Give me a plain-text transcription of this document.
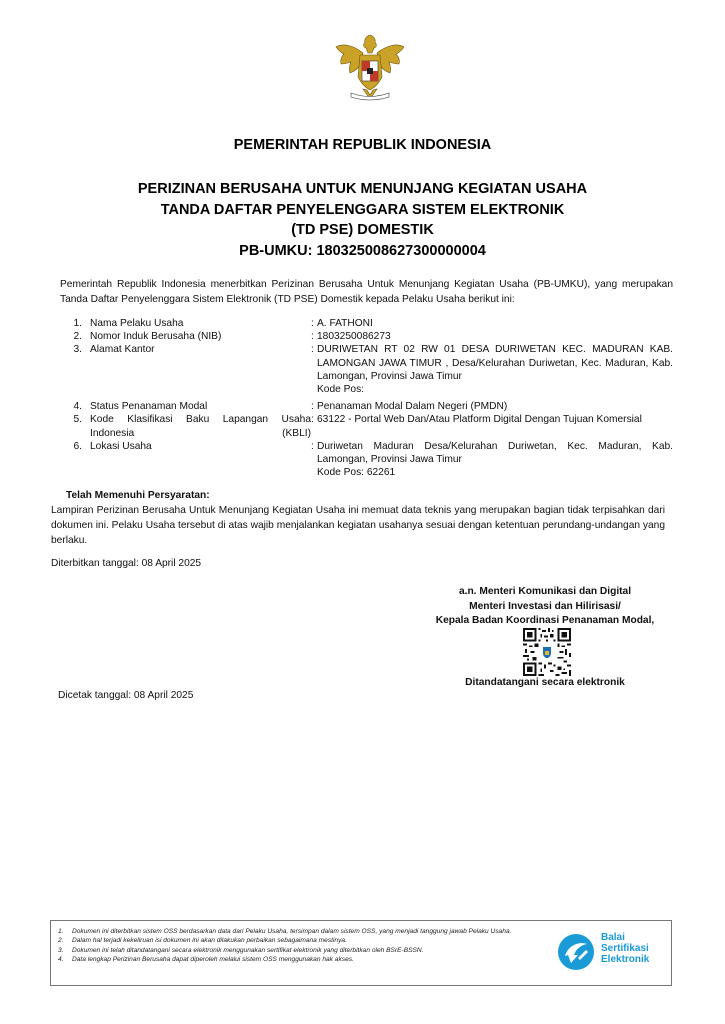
PEMERINTAH REPUBLIK INDONESIA
PERIZINAN BERUSAHA UNTUK MENUNJANG KEGIATAN USAHA
TANDA DAFTAR PENYELENGGARA SISTEM ELEKTRONIK
(TD PSE) DOMESTIK
PB-UMKU: 180325008627300000004
Pemerintah Republik Indonesia menerbitkan Perizinan Berusaha Untuk Menunjang Kegiatan Usaha (PB-UMKU), yang merupakan Tanda Daftar Penyelenggara Sistem Elektronik (TD PSE) Domestik kepada Pelaku Usaha berikut ini:
1. Nama Pelaku Usaha	: A. FATHONI
2. Nomor Induk Berusaha (NIB)	: 1803250086273
3. Alamat Kantor	: DURIWETAN RT 02 RW 01 DESA DURIWETAN KEC. MADURAN KAB. LAMONGAN JAWA TIMUR , Desa/Kelurahan Duriwetan, Kec. Maduran, Kab. Lamongan, Provinsi Jawa Timur
Kode Pos:
4. Status Penanaman Modal	: Penanaman Modal Dalam Negeri (PMDN)
5. Kode Klasifikasi Baku Lapangan Usaha Indonesia (KBLI)
: 63122 - Portal Web Dan/Atau Platform Digital Dengan Tujuan Komersial
6. Lokasi Usaha	: Duriwetan Maduran Desa/Kelurahan Duriwetan, Kec. Maduran, Kab. Lamongan, Provinsi Jawa Timur
Kode Pos: 62261
Telah Memenuhi Persyaratan:
Lampiran Perizinan Berusaha Untuk Menunjang Kegiatan Usaha ini memuat data teknis yang merupakan bagian tidak terpisahkan dari dokumen ini. Pelaku Usaha tersebut di atas wajib menjalankan kegiatan usahanya sesuai dengan ketentuan perundang-undangan yang berlaku.
Diterbitkan tanggal: 08 April 2025
a.n. Menteri Komunikasi dan Digital
Menteri Investasi dan Hilirisasi/
Kepala Badan Koordinasi Penanaman Modal,
Ditandatangani secara elektronik
Dicetak tanggal: 08 April 2025
1.	Dokumen ini diterbitkan sistem OSS berdasarkan data dari Pelaku Usaha, tersimpan dalam sistem OSS, yang menjadi tanggung jawab Pelaku Usaha.
2.	Dalam hal terjadi kekeliruan isi dokumen ini akan dilakukan perbaikan sebagaimana mestinya.
3.	Dokumen ini telah ditandatangani secara elektronik menggunakan sertifikat elektronik yang diterbitkan oleh BSrE-BSSN.
4.	Data lengkap Perizinan Berusaha dapat diperoleh melalui sistem OSS menggunakan hak akses.
Balai
Sertifikasi
Elektronik
